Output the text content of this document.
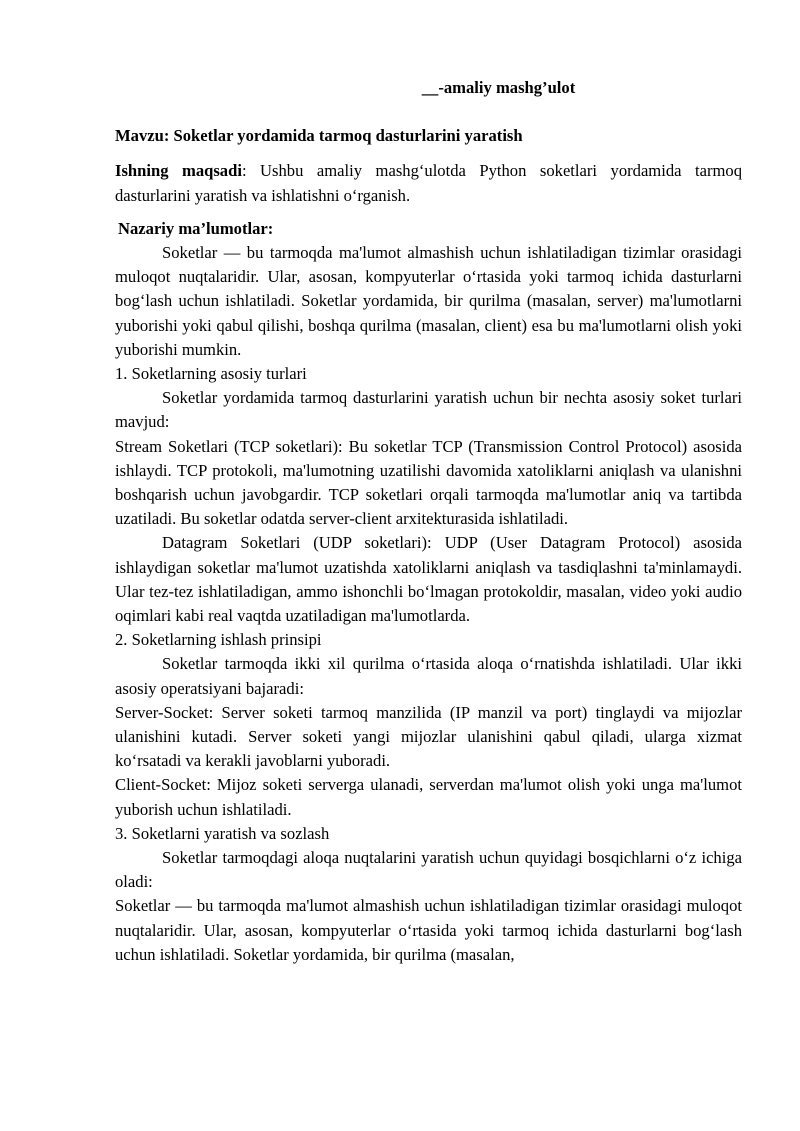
__-amaliy mashg’ulot
Mavzu: Soketlar yordamida tarmoq dasturlarini yaratish
Ishning maqsadi: Ushbu amaliy mashg‘ulotda Python soketlari yordamida tarmoq dasturlarini yaratish va ishlatishni o‘rganish.
Nazariy ma’lumotlar:

Soketlar — bu tarmoqda ma'lumot almashish uchun ishlatiladigan tizimlar orasidagi muloqot nuqtalaridir. Ular, asosan, kompyuterlar o‘rtasida yoki tarmoq ichida dasturlarni bog‘lash uchun ishlatiladi. Soketlar yordamida, bir qurilma (masalan, server) ma'lumotlarni yuborishi yoki qabul qilishi, boshqa qurilma (masalan, client) esa bu ma'lumotlarni olish yoki yuborishi mumkin.

1. Soketlarning asosiy turlari

Soketlar yordamida tarmoq dasturlarini yaratish uchun bir nechta asosiy soket turlari mavjud:

Stream Soketlari (TCP soketlari): Bu soketlar TCP (Transmission Control Protocol) asosida ishlaydi. TCP protokoli, ma'lumotning uzatilishi davomida xatoliklarni aniqlash va ulanishni boshqarish uchun javobgardir. TCP soketlari orqali tarmoqda ma'lumotlar aniq va tartibda uzatiladi. Bu soketlar odatda server-client arxitekturasida ishlatiladi.

Datagram Soketlari (UDP soketlari): UDP (User Datagram Protocol) asosida ishlaydigan soketlar ma'lumot uzatishda xatoliklarni aniqlash va tasdiqlashni ta'minlamaydi. Ular tez-tez ishlatiladigan, ammo ishonchli bo‘lmagan protokoldir, masalan, video yoki audio oqimlari kabi real vaqtda uzatiladigan ma'lumotlarda.

2. Soketlarning ishlash prinsipi

Soketlar tarmoqda ikki xil qurilma o‘rtasida aloqa o‘rnatishda ishlatiladi. Ular ikki asosiy operatsiyani bajaradi:

Server-Socket: Server soketi tarmoq manzilida (IP manzil va port) tinglaydi va mijozlar ulanishini kutadi. Server soketi yangi mijozlar ulanishini qabul qiladi, ularga xizmat ko‘rsatadi va kerakli javoblarni yuboradi.

Client-Socket: Mijoz soketi serverga ulanadi, serverdan ma'lumot olish yoki unga ma'lumot yuborish uchun ishlatiladi.

3. Soketlarni yaratish va sozlash

Soketlar tarmoqdagi aloqa nuqtalarini yaratish uchun quyidagi bosqichlarni o‘z ichiga oladi:

Soketlar — bu tarmoqda ma'lumot almashish uchun ishlatiladigan tizimlar orasidagi muloqot nuqtalaridir. Ular, asosan, kompyuterlar o‘rtasida yoki tarmoq ichida dasturlarni bog‘lash uchun ishlatiladi. Soketlar yordamida, bir qurilma (masalan,
